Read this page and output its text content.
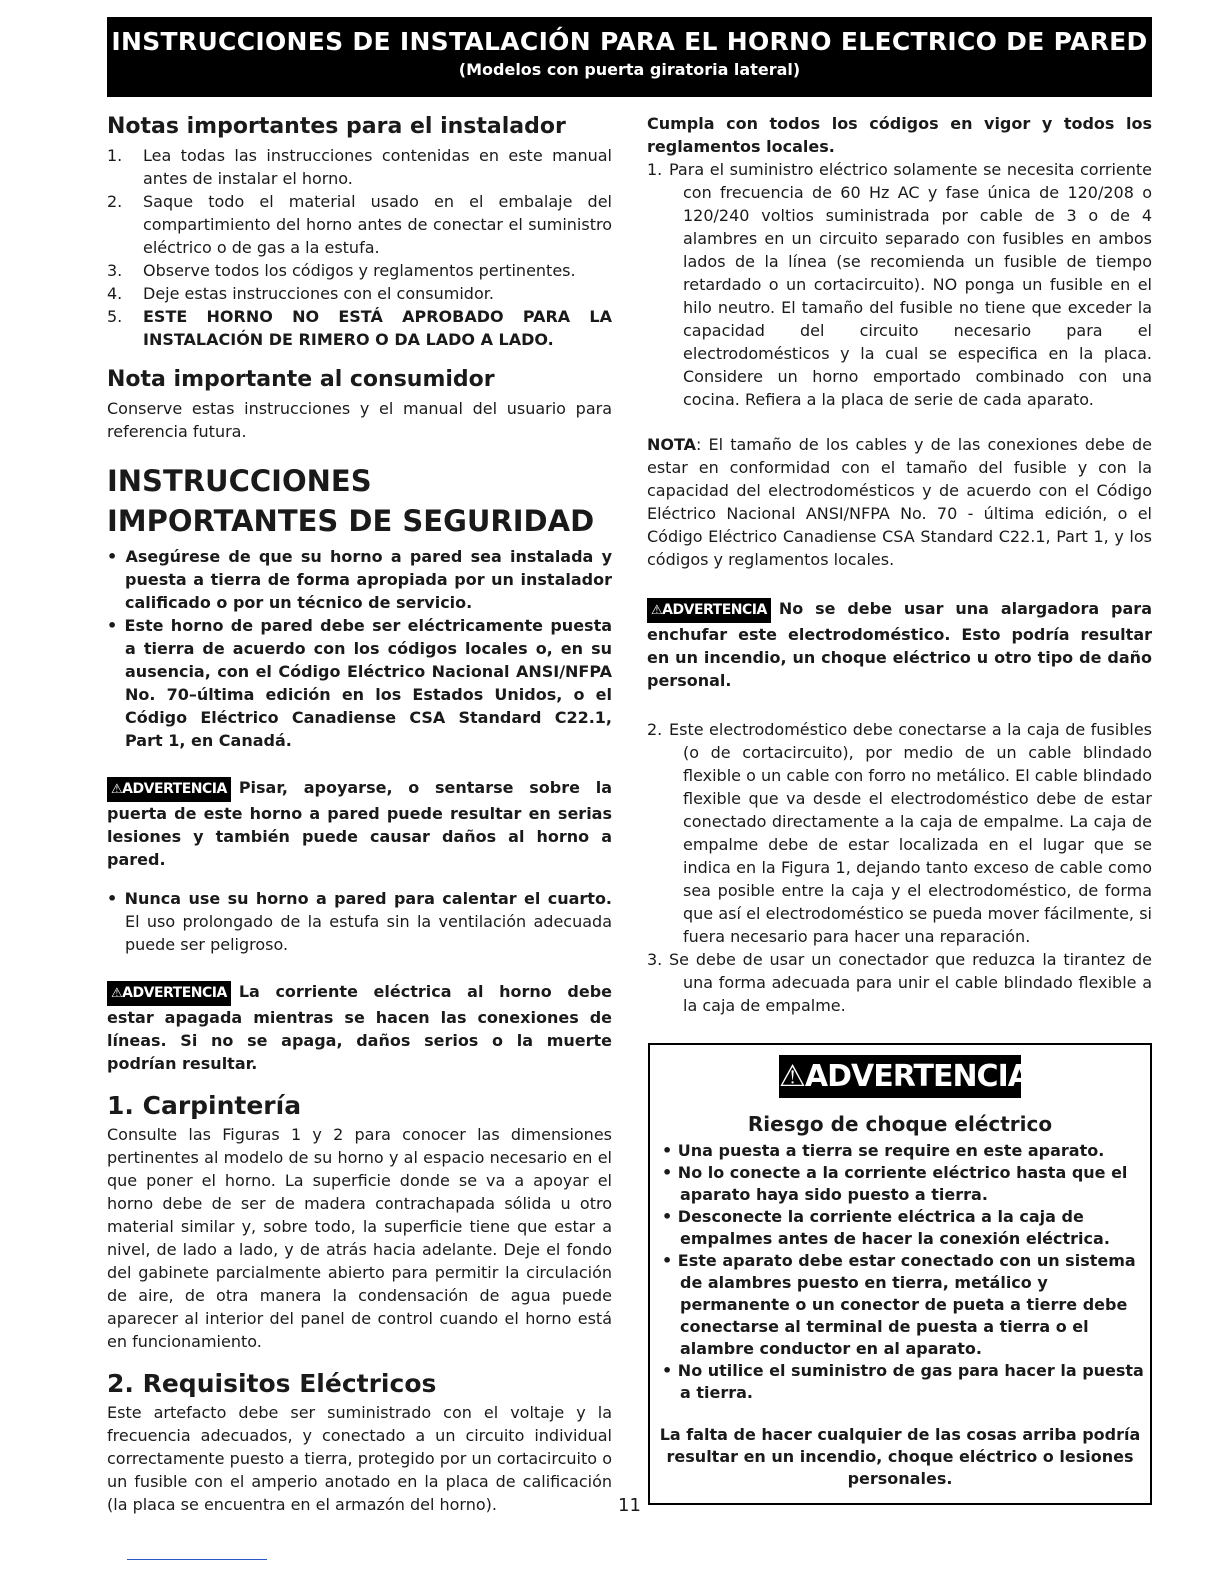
INSTRUCCIONES DE INSTALACIÓN PARA EL HORNO ELECTRICO DE PARED
(Modelos con puerta giratoria lateral)
Notas importantes para el instalador
1. Lea todas las instrucciones contenidas en este manual antes de instalar el horno.
2. Saque todo el material usado en el embalaje del compartimiento del horno antes de conectar el suministro eléctrico o de gas a la estufa.
3. Observe todos los códigos y reglamentos pertinentes.
4. Deje estas instrucciones con el consumidor.
5. ESTE HORNO NO ESTÁ APROBADO PARA LA INSTALACIÓN DE RIMERO O DA LADO A LADO.
Nota importante al consumidor

Conserve estas instrucciones y el manual del usuario para referencia futura.

INSTRUCCIONES
IMPORTANTES DE SEGURIDAD
• Asegúrese de que su horno a pared sea instalada y puesta a tierra de forma apropiada por un instalador calificado o por un técnico de servicio.
• Este horno de pared debe ser eléctricamente puesta a tierra de acuerdo con los códigos locales o, en su ausencia, con el Código Eléctrico Nacional ANSI/NFPA No. 70–última edición en los Estados Unidos, o el Código Eléctrico Canadiense CSA Standard C22.1, Part 1, en Canadá.

⚠ADVERTENCIA Pisar, apoyarse, o sentarse sobre la puerta de este horno a pared puede resultar en serias lesiones y también puede causar daños al horno a pared.

• Nunca use su horno a pared para calentar el cuarto. El uso prolongado de la estufa sin la ventilación adecuada puede ser peligroso.

⚠ADVERTENCIA La corriente eléctrica al horno debe estar apagada mientras se hacen las conexiones de líneas. Si no se apaga, daños serios o la muerte podrían resultar.

1. Carpintería

Consulte las Figuras 1 y 2 para conocer las dimensiones pertinentes al modelo de su horno y al espacio necesario en el que poner el horno. La superficie donde se va a apoyar el horno debe de ser de madera contrachapada sólida u otro material similar y, sobre todo, la superficie tiene que estar a nivel, de lado a lado, y de atrás hacia adelante. Deje el fondo del gabinete parcialmente abierto para permitir la circulación de aire, de otra manera la condensación de agua puede aparecer al interior del panel de control cuando el horno está en funcionamiento.

2. Requisitos Eléctricos

Este artefacto debe ser suministrado con el voltaje y la frecuencia adecuados, y conectado a un circuito individual correctamente puesto a tierra, protegido por un cortacircuito o un fusible con el amperio anotado en la placa de calificación (la placa se encuentra en el armazón del horno).

Cumpla con todos los códigos en vigor y todos los reglamentos locales.

1. Para el suministro eléctrico solamente se necesita corriente con frecuencia de 60 Hz AC y fase única de 120/208 o 120/240 voltios suministrada por cable de 3 o de 4 alambres en un circuito separado con fusibles en ambos lados de la línea (se recomienda un fusible de tiempo retardado o un cortacircuito). NO ponga un fusible en el hilo neutro. El tamaño del fusible no tiene que exceder la capacidad del circuito necesario para el electrodomésticos y la cual se especifica en la placa. Considere un horno emportado combinado con una cocina. Refiera a la placa de serie de cada aparato.

NOTA: El tamaño de los cables y de las conexiones debe de estar en conformidad con el tamaño del fusible y con la capacidad del electrodomésticos y de acuerdo con el Código Eléctrico Nacional ANSI/NFPA No. 70 - última edición, o el Código Eléctrico Canadiense CSA Standard C22.1, Part 1, y los códigos y reglamentos locales.

⚠ADVERTENCIA No se debe usar una alargadora para enchufar este electrodoméstico. Esto podría resultar en un incendio, un choque eléctrico u otro tipo de daño personal.

2. Este electrodoméstico debe conectarse a la caja de fusibles (o de cortacircuito), por medio de un cable blindado flexible o un cable con forro no metálico. El cable blindado flexible que va desde el electrodoméstico debe de estar conectado directamente a la caja de empalme. La caja de empalme debe de estar localizada en el lugar que se indica en la Figura 1, dejando tanto exceso de cable como sea posible entre la caja y el electrodoméstico, de forma que así el electrodoméstico se pueda mover fácilmente, si fuera necesario para hacer una reparación.
3. Se debe de usar un conectador que reduzca la tirantez de una forma adecuada para unir el cable blindado flexible a la caja de empalme.
⚠ADVERTENCIA
Riesgo de choque eléctrico
• Una puesta a tierra se require en este aparato.
• No lo conecte a la corriente eléctrico hasta que el aparato haya sido puesto a tierra.
• Desconecte la corriente eléctrica a la caja de empalmes antes de hacer la conexión eléctrica.
• Este aparato debe estar conectado con un sistema de alambres puesto en tierra, metálico y permanente o un conector de pueta a tierre debe conectarse al terminal de puesta a tierra o el alambre conductor en al aparato.
• No utilice el suministro de gas para hacer la puesta a tierra.
La falta de hacer cualquier de las cosas arriba podría resultar en un incendio, choque eléctrico o lesiones personales.
11
